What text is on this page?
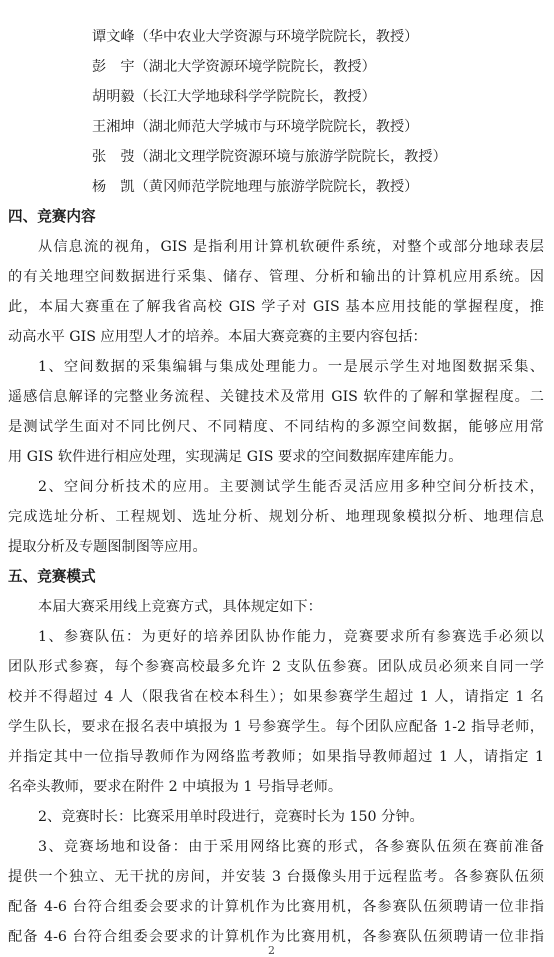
谭文峰（华中农业大学资源与环境学院院长，教授）
彭　宇（湖北大学资源环境学院院长，教授）
胡明毅（长江大学地球科学学院院长，教授）
王湘坤（湖北师范大学城市与环境学院院长，教授）
张　弢（湖北文理学院资源环境与旅游学院院长，教授）
杨　凯（黄冈师范学院地理与旅游学院院长，教授）
四、竞赛内容
从信息流的视角，GIS 是指利用计算机软硬件系统，对整个或部分地球表层
的有关地理空间数据进行采集、储存、管理、分析和输出的计算机应用系统。因
此，本届大赛重在了解我省高校 GIS 学子对 GIS 基本应用技能的掌握程度，推
动高水平 GIS 应用型人才的培养。本届大赛竞赛的主要内容包括：
1、空间数据的采集编辑与集成处理能力。一是展示学生对地图数据采集、
遥感信息解译的完整业务流程、关键技术及常用 GIS 软件的了解和掌握程度。二
是测试学生面对不同比例尺、不同精度、不同结构的多源空间数据，能够应用常
用 GIS 软件进行相应处理，实现满足 GIS 要求的空间数据库建库能力。
2、空间分析技术的应用。主要测试学生能否灵活应用多种空间分析技术，
完成选址分析、工程规划、选址分析、规划分析、地理现象模拟分析、地理信息
提取分析及专题图制图等应用。
五、竞赛模式
本届大赛采用线上竞赛方式，具体规定如下：
1、参赛队伍：为更好的培养团队协作能力，竞赛要求所有参赛选手必须以
团队形式参赛，每个参赛高校最多允许 2 支队伍参赛。团队成员必须来自同一学
校并不得超过 4 人（限我省在校本科生）；如果参赛学生超过 1 人，请指定 1 名
学生队长，要求在报名表中填报为 1 号参赛学生。每个团队应配备 1-2 指导老师，
并指定其中一位指导教师作为网络监考教师；如果指导教师超过 1 人，请指定 1
名牵头教师，要求在附件 2 中填报为 1 号指导老师。
2、竞赛时长：比赛采用单时段进行，竞赛时长为 150 分钟。
3、竞赛场地和设备：由于采用网络比赛的形式，各参赛队伍须在赛前准备
提供一个独立、无干扰的房间，并安装 3 台摄像头用于远程监考。各参赛队伍须
配备 4-6 台符合组委会要求的计算机作为比赛用机，各参赛队伍须聘请一位非指
配备 4-6 台符合组委会要求的计算机作为比赛用机，各参赛队伍须聘请一位非指
2
